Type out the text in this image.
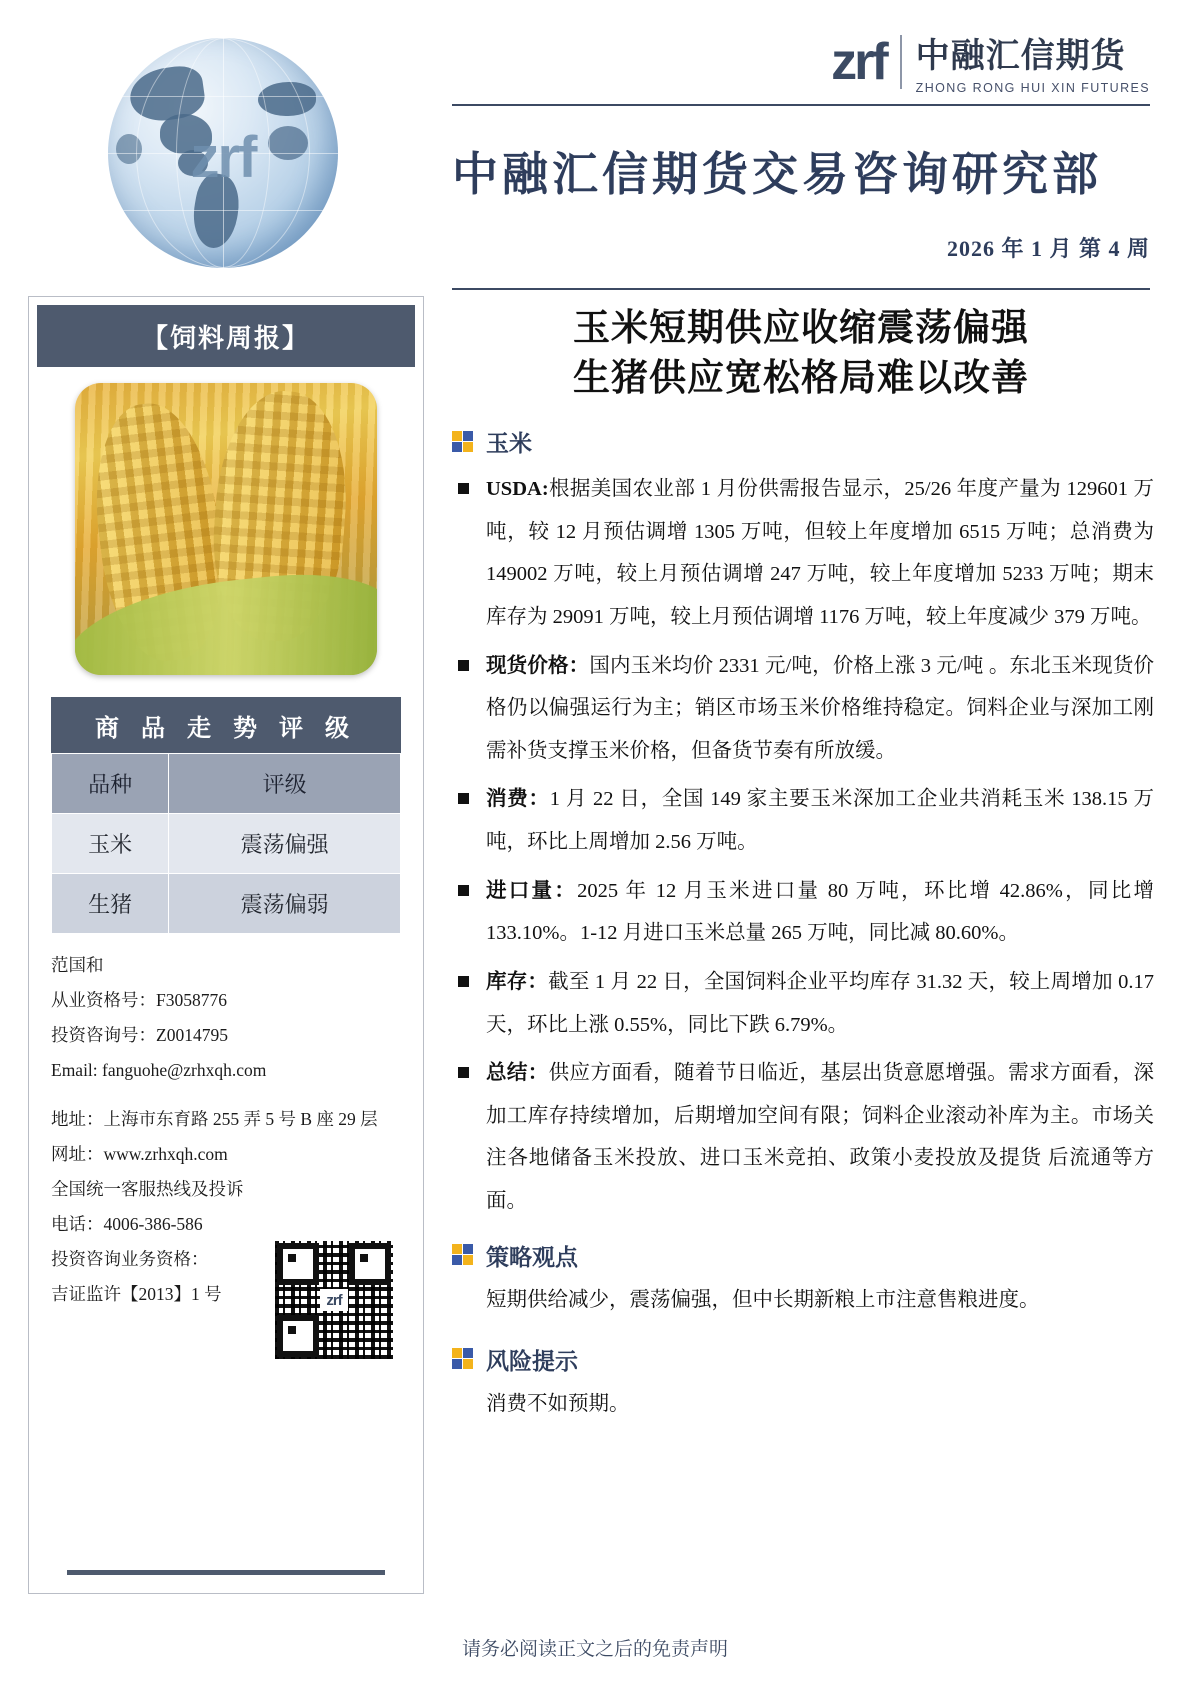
zrf
zrf 中融汇信期货
ZHONG RONG HUI XIN FUTURES
中融汇信期货交易咨询研究部
2026 年 1 月 第 4 周
【饲料周报】
商 品 走 势 评 级
品种	评级
玉米	震荡偏强
生猪	震荡偏弱
范国和
从业资格号：F3058776
投资咨询号：Z0014795
Email: fanguohe@zrhxqh.com
地址：上海市东育路 255 弄 5 号 B 座 29 层
网址：www.zrhxqh.com
全国统一客服热线及投诉
电话：4006-386-586
投资咨询业务资格：
吉证监许【2013】1 号	zrf
玉米短期供应收缩震荡偏强
生猪供应宽松格局难以改善
玉米
USDA:根据美国农业部 1 月份供需报告显示，25/26 年度产量为 129601 万吨，较 12 月预估调增 1305 万吨，但较上年度增加 6515 万吨；总消费为 149002 万吨，较上月预估调增 247 万吨，较上年度增加 5233 万吨；期末库存为 29091 万吨，较上月预估调增 1176 万吨，较上年度减少 379 万吨。
现货价格：国内玉米均价 2331 元/吨，价格上涨 3 元/吨 。东北玉米现货价格仍以偏强运行为主；销区市场玉米价格维持稳定。饲料企业与深加工刚需补货支撑玉米价格，但备货节奏有所放缓。
消费：1 月 22 日，全国 149 家主要玉米深加工企业共消耗玉米 138.15 万吨，环比上周增加 2.56 万吨。
进口量：2025 年 12 月玉米进口量 80 万吨，环比增 42.86%，同比增 133.10%。1-12 月进口玉米总量 265 万吨，同比减 80.60%。
库存：截至 1 月 22 日，全国饲料企业平均库存 31.32 天，较上周增加 0.17 天，环比上涨 0.55%，同比下跌 6.79%。
总结：供应方面看，随着节日临近，基层出货意愿增强。需求方面看，深加工库存持续增加，后期增加空间有限；饲料企业滚动补库为主。市场关注各地储备玉米投放、进口玉米竞拍、政策小麦投放及提货 后流通等方面。
策略观点
短期供给减少，震荡偏强，但中长期新粮上市注意售粮进度。
风险提示
消费不如预期。
请务必阅读正文之后的免责声明
